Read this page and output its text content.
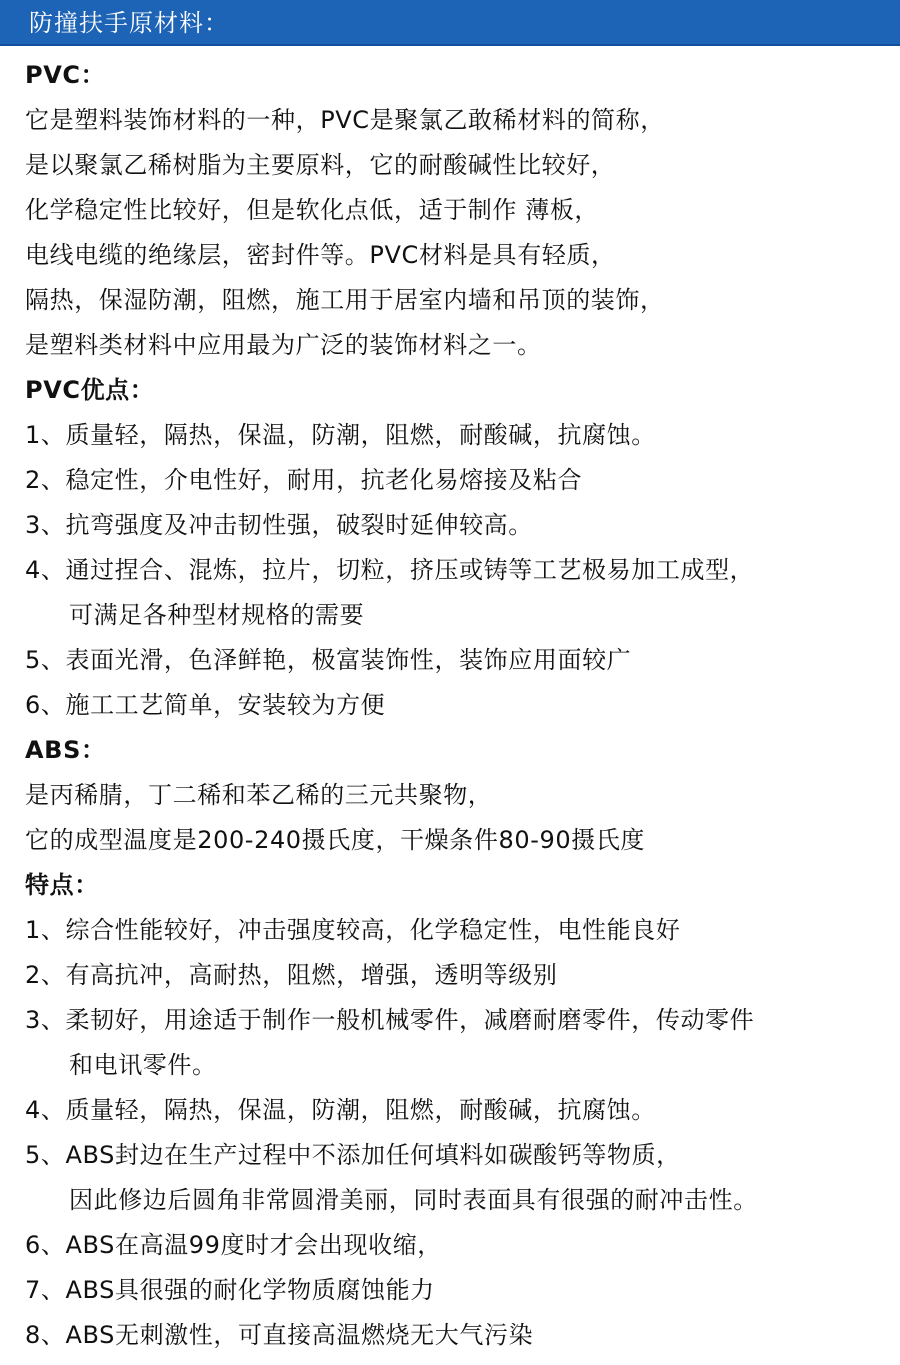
防撞扶手原材料：
PVC：
它是塑料装饰材料的一种，PVC是聚氯乙敢稀材料的简称，
是以聚氯乙稀树脂为主要原料，它的耐酸碱性比较好，
化学稳定性比较好，但是软化点低，适于制作 薄板，
电线电缆的绝缘层，密封件等。PVC材料是具有轻质，
隔热，保湿防潮，阻燃，施工用于居室内墙和吊顶的装饰，
是塑料类材料中应用最为广泛的装饰材料之一。
PVC优点：
1、质量轻，隔热，保温，防潮，阻燃，耐酸碱，抗腐蚀。
2、稳定性，介电性好，耐用，抗老化易熔接及粘合
3、抗弯强度及冲击韧性强，破裂时延伸较高。
4、通过捏合、混炼，拉片，切粒，挤压或铸等工艺极易加工成型，
可满足各种型材规格的需要
5、表面光滑，色泽鲜艳，极富装饰性，装饰应用面较广
6、施工工艺简单，安装较为方便
ABS：
是丙稀腈，丁二稀和苯乙稀的三元共聚物，
它的成型温度是200-240摄氏度，干燥条件80-90摄氏度
特点：
1、综合性能较好，冲击强度较高，化学稳定性，电性能良好
2、有高抗冲，高耐热，阻燃，增强，透明等级别
3、柔韧好，用途适于制作一般机械零件，减磨耐磨零件，传动零件
和电讯零件。
4、质量轻，隔热，保温，防潮，阻燃，耐酸碱，抗腐蚀。
5、ABS封边在生产过程中不添加任何填料如碳酸钙等物质，
因此修边后圆角非常圆滑美丽，同时表面具有很强的耐冲击性。
6、ABS在高温99度时才会出现收缩，
7、ABS具很强的耐化学物质腐蚀能力
8、ABS无刺激性，可直接高温燃烧无大气污染
